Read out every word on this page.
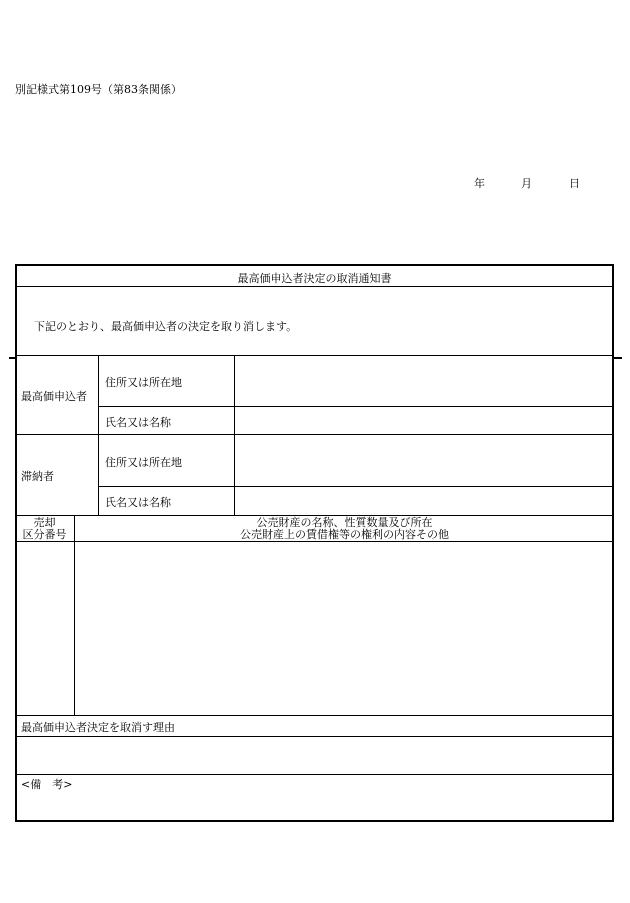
別記様式第109号（第83条関係）
年	月	日
最高価申込者決定の取消通知書
下記のとおり、最高価申込者の決定を取り消します。
最高価申込者
住所又は所在地
氏名又は名称
滞納者
住所又は所在地
氏名又は名称
売却
区分番号
公売財産の名称、性質数量及び所在
公売財産上の賃借権等の権利の内容その他
最高価申込者決定を取消す理由
<備　考>
